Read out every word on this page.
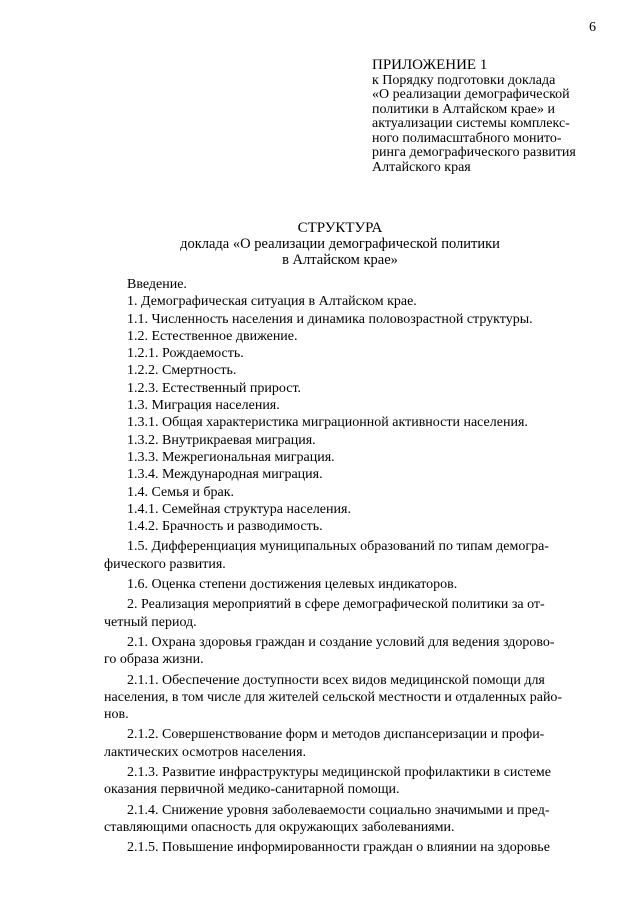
6
ПРИЛОЖЕНИЕ 1
к Порядку подготовки доклада
«О реализации демографической
политики в Алтайском крае» и
актуализации системы комплекс-
ного полимасштабного монито-
ринга демографического развития
Алтайского края
СТРУКТУРА
доклада «О реализации демографической политики
в Алтайском крае»
Введение.
1. Демографическая ситуация в Алтайском крае.
1.1. Численность населения и динамика половозрастной структуры.
1.2. Естественное движение.
1.2.1. Рождаемость.
1.2.2. Смертность.
1.2.3. Естественный прирост.
1.3. Миграция населения.
1.3.1. Общая характеристика миграционной активности населения.
1.3.2. Внутрикраевая миграция.
1.3.3. Межрегиональная миграция.
1.3.4. Международная миграция.
1.4. Семья и брак.
1.4.1. Семейная структура населения.
1.4.2. Брачность и разводимость.
1.5. Дифференциация муниципальных образований по типам демогра-
фического развития.
1.6. Оценка степени достижения целевых индикаторов.
2. Реализация мероприятий в сфере демографической политики за от-
четный период.
2.1. Охрана здоровья граждан и создание условий для ведения здорово-
го образа жизни.
2.1.1. Обеспечение доступности всех видов медицинской помощи для
населения, в том числе для жителей сельской местности и отдаленных райо-
нов.
2.1.2. Совершенствование форм и методов диспансеризации и профи-
лактических осмотров населения.
2.1.3. Развитие инфраструктуры медицинской профилактики в системе
оказания первичной медико-санитарной помощи.
2.1.4. Снижение уровня заболеваемости социально значимыми и пред-
ставляющими опасность для окружающих заболеваниями.
2.1.5. Повышение информированности граждан о влиянии на здоровье
